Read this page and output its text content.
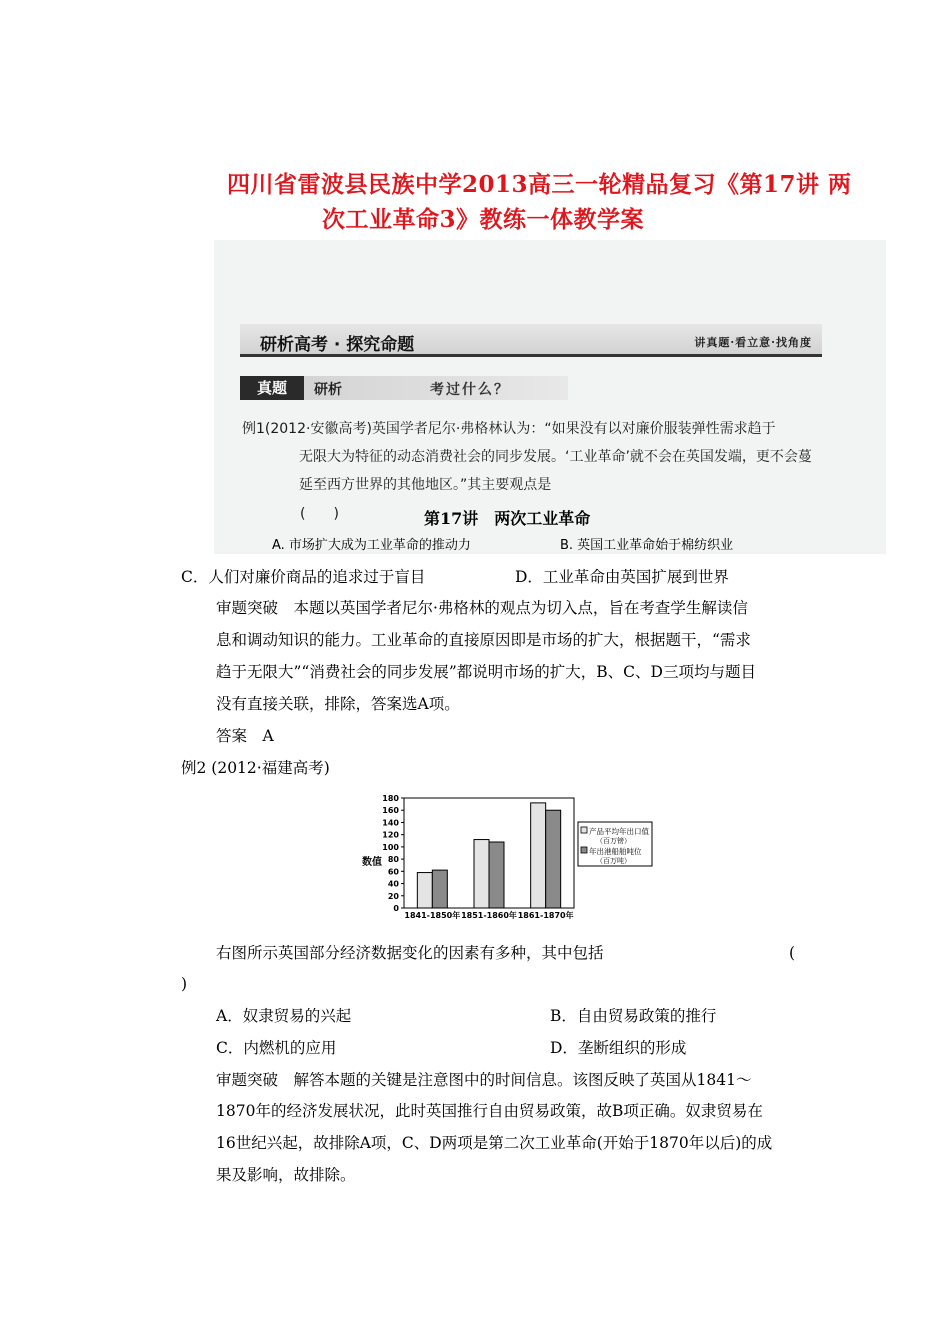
四川省雷波县民族中学2013高三一轮精品复习《第17讲 两
次工业革命3》教练一体教学案
第17讲　两次工业革命
研析高考 · 探究命题	讲真题·看立意·找角度
真题	研析	考过什么？
例1(2012·安徽高考)英国学者尼尔·弗格林认为：“如果没有以对廉价服装弹性需求趋于
无限大为特征的动态消费社会的同步发展。‘工业革命’就不会在英国发端，更不会蔓
延至西方世界的其他地区。”其主要观点是
(　　)
A. 市场扩大成为工业革命的推动力	B. 英国工业革命始于棉纺织业
C．人们对廉价商品的追求过于盲目	D．工业革命由英国扩展到世界
审题突破　本题以英国学者尼尔·弗格林的观点为切入点，旨在考查学生解读信
息和调动知识的能力。工业革命的直接原因即是市场的扩大，根据题干，“需求
趋于无限大”“消费社会的同步发展”都说明市场的扩大，B、C、D三项均与题目
没有直接关联，排除，答案选A项。
答案　A
例2 (2012·福建高考)
0
20
40
60
80
100
120
140
160
180
数值
1841-1850年 1851-1860年 1861-1870年
产品平均年出口值
（百万镑）
年出港船舶吨位
（百万吨）
右图所示英国部分经济数据变化的因素有多种，其中包括	(
)
A．奴隶贸易的兴起	B．自由贸易政策的推行
C．内燃机的应用	D．垄断组织的形成
审题突破　解答本题的关键是注意图中的时间信息。该图反映了英国从1841～
1870年的经济发展状况，此时英国推行自由贸易政策，故B项正确。奴隶贸易在
16世纪兴起，故排除A项，C、D两项是第二次工业革命(开始于1870年以后)的成
果及影响，故排除。
